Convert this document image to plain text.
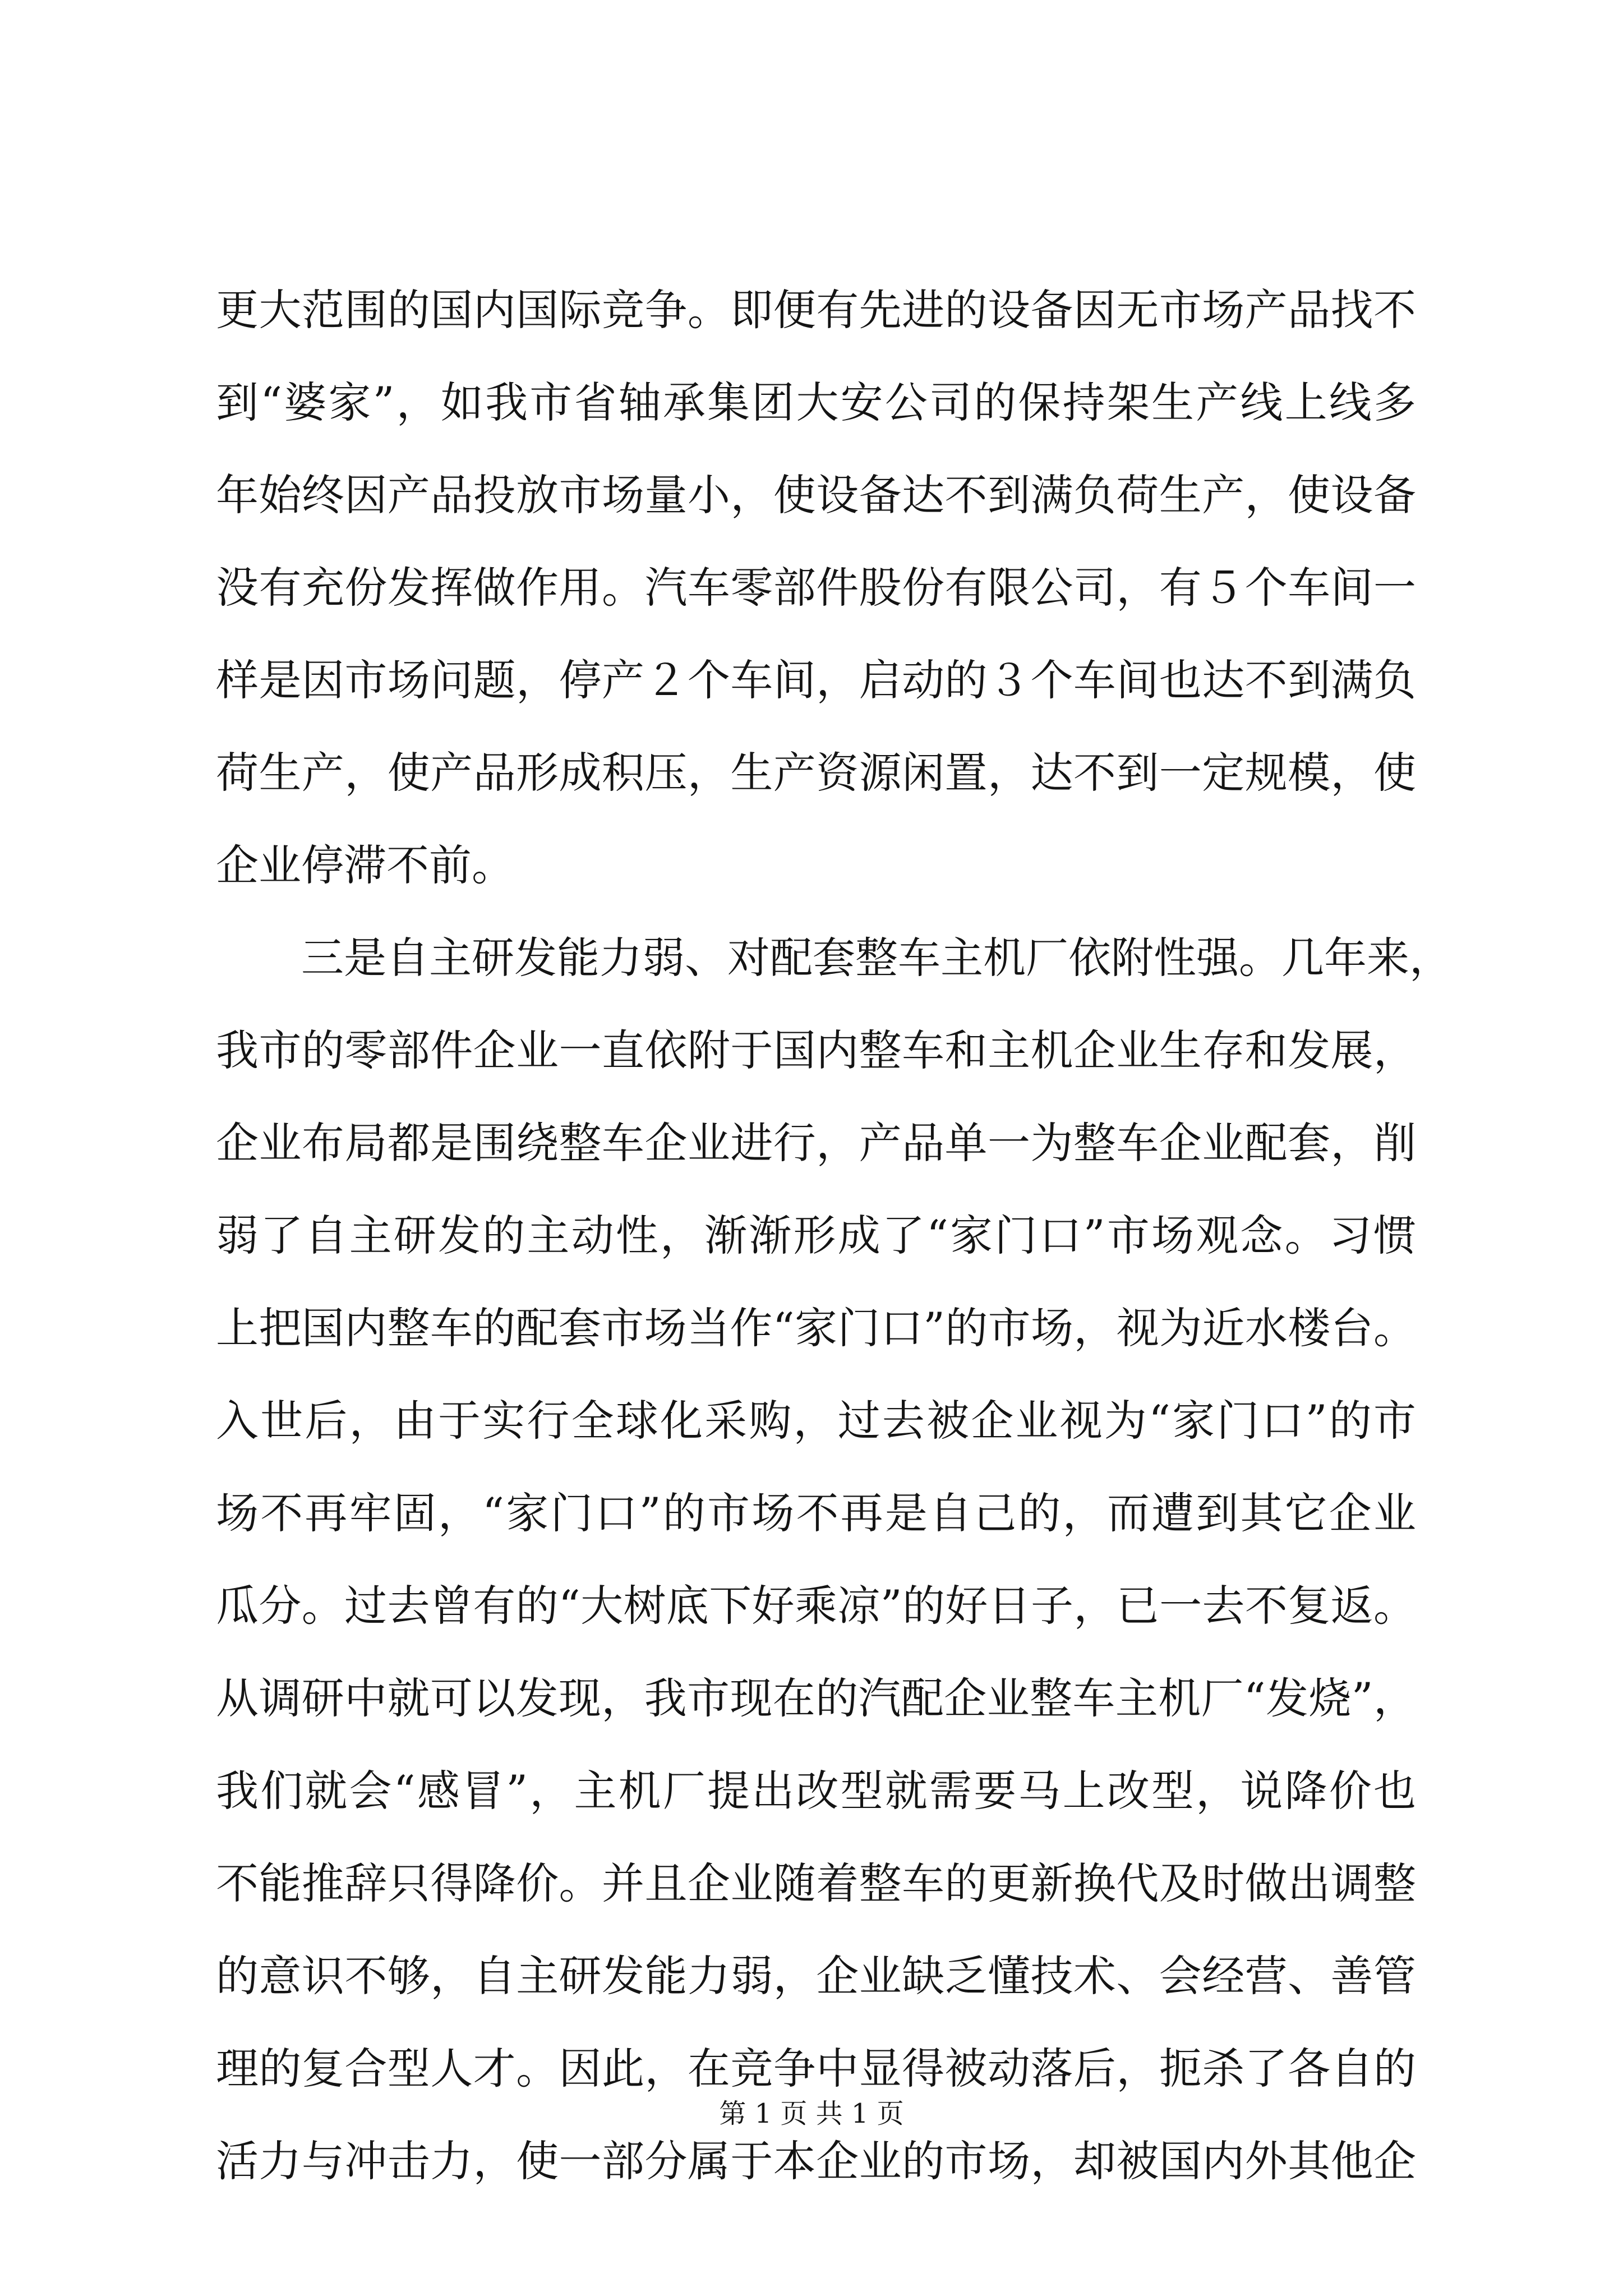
更大范围的国内国际竞争。即便有先进的设备因无市场产品找不
到“婆家”，如我市省轴承集团大安公司的保持架生产线上线多
年始终因产品投放市场量小，使设备达不到满负荷生产，使设备
没有充份发挥做作用。汽车零部件股份有限公司，有５个车间一
样是因市场问题，停产２个车间，启动的３个车间也达不到满负
荷生产，使产品形成积压，生产资源闲置，达不到一定规模，使
企业停滞不前。
　　三是自主研发能力弱、对配套整车主机厂依附性强。几年来，
我市的零部件企业一直依附于国内整车和主机企业生存和发展，
企业布局都是围绕整车企业进行，产品单一为整车企业配套，削
弱了自主研发的主动性，渐渐形成了“家门口”市场观念。习惯
上把国内整车的配套市场当作“家门口”的市场，视为近水楼台。
入世后，由于实行全球化采购，过去被企业视为“家门口”的市
场不再牢固，“家门口”的市场不再是自己的，而遭到其它企业
瓜分。过去曾有的“大树底下好乘凉”的好日子，已一去不复返。
从调研中就可以发现，我市现在的汽配企业整车主机厂“发烧”，
我们就会“感冒”，主机厂提出改型就需要马上改型，说降价也
不能推辞只得降价。并且企业随着整车的更新换代及时做出调整
的意识不够，自主研发能力弱，企业缺乏懂技术、会经营、善管
理的复合型人才。因此，在竞争中显得被动落后，扼杀了各自的
活力与冲击力，使一部分属于本企业的市场，却被国内外其他企
第 1 页 共 1 页
